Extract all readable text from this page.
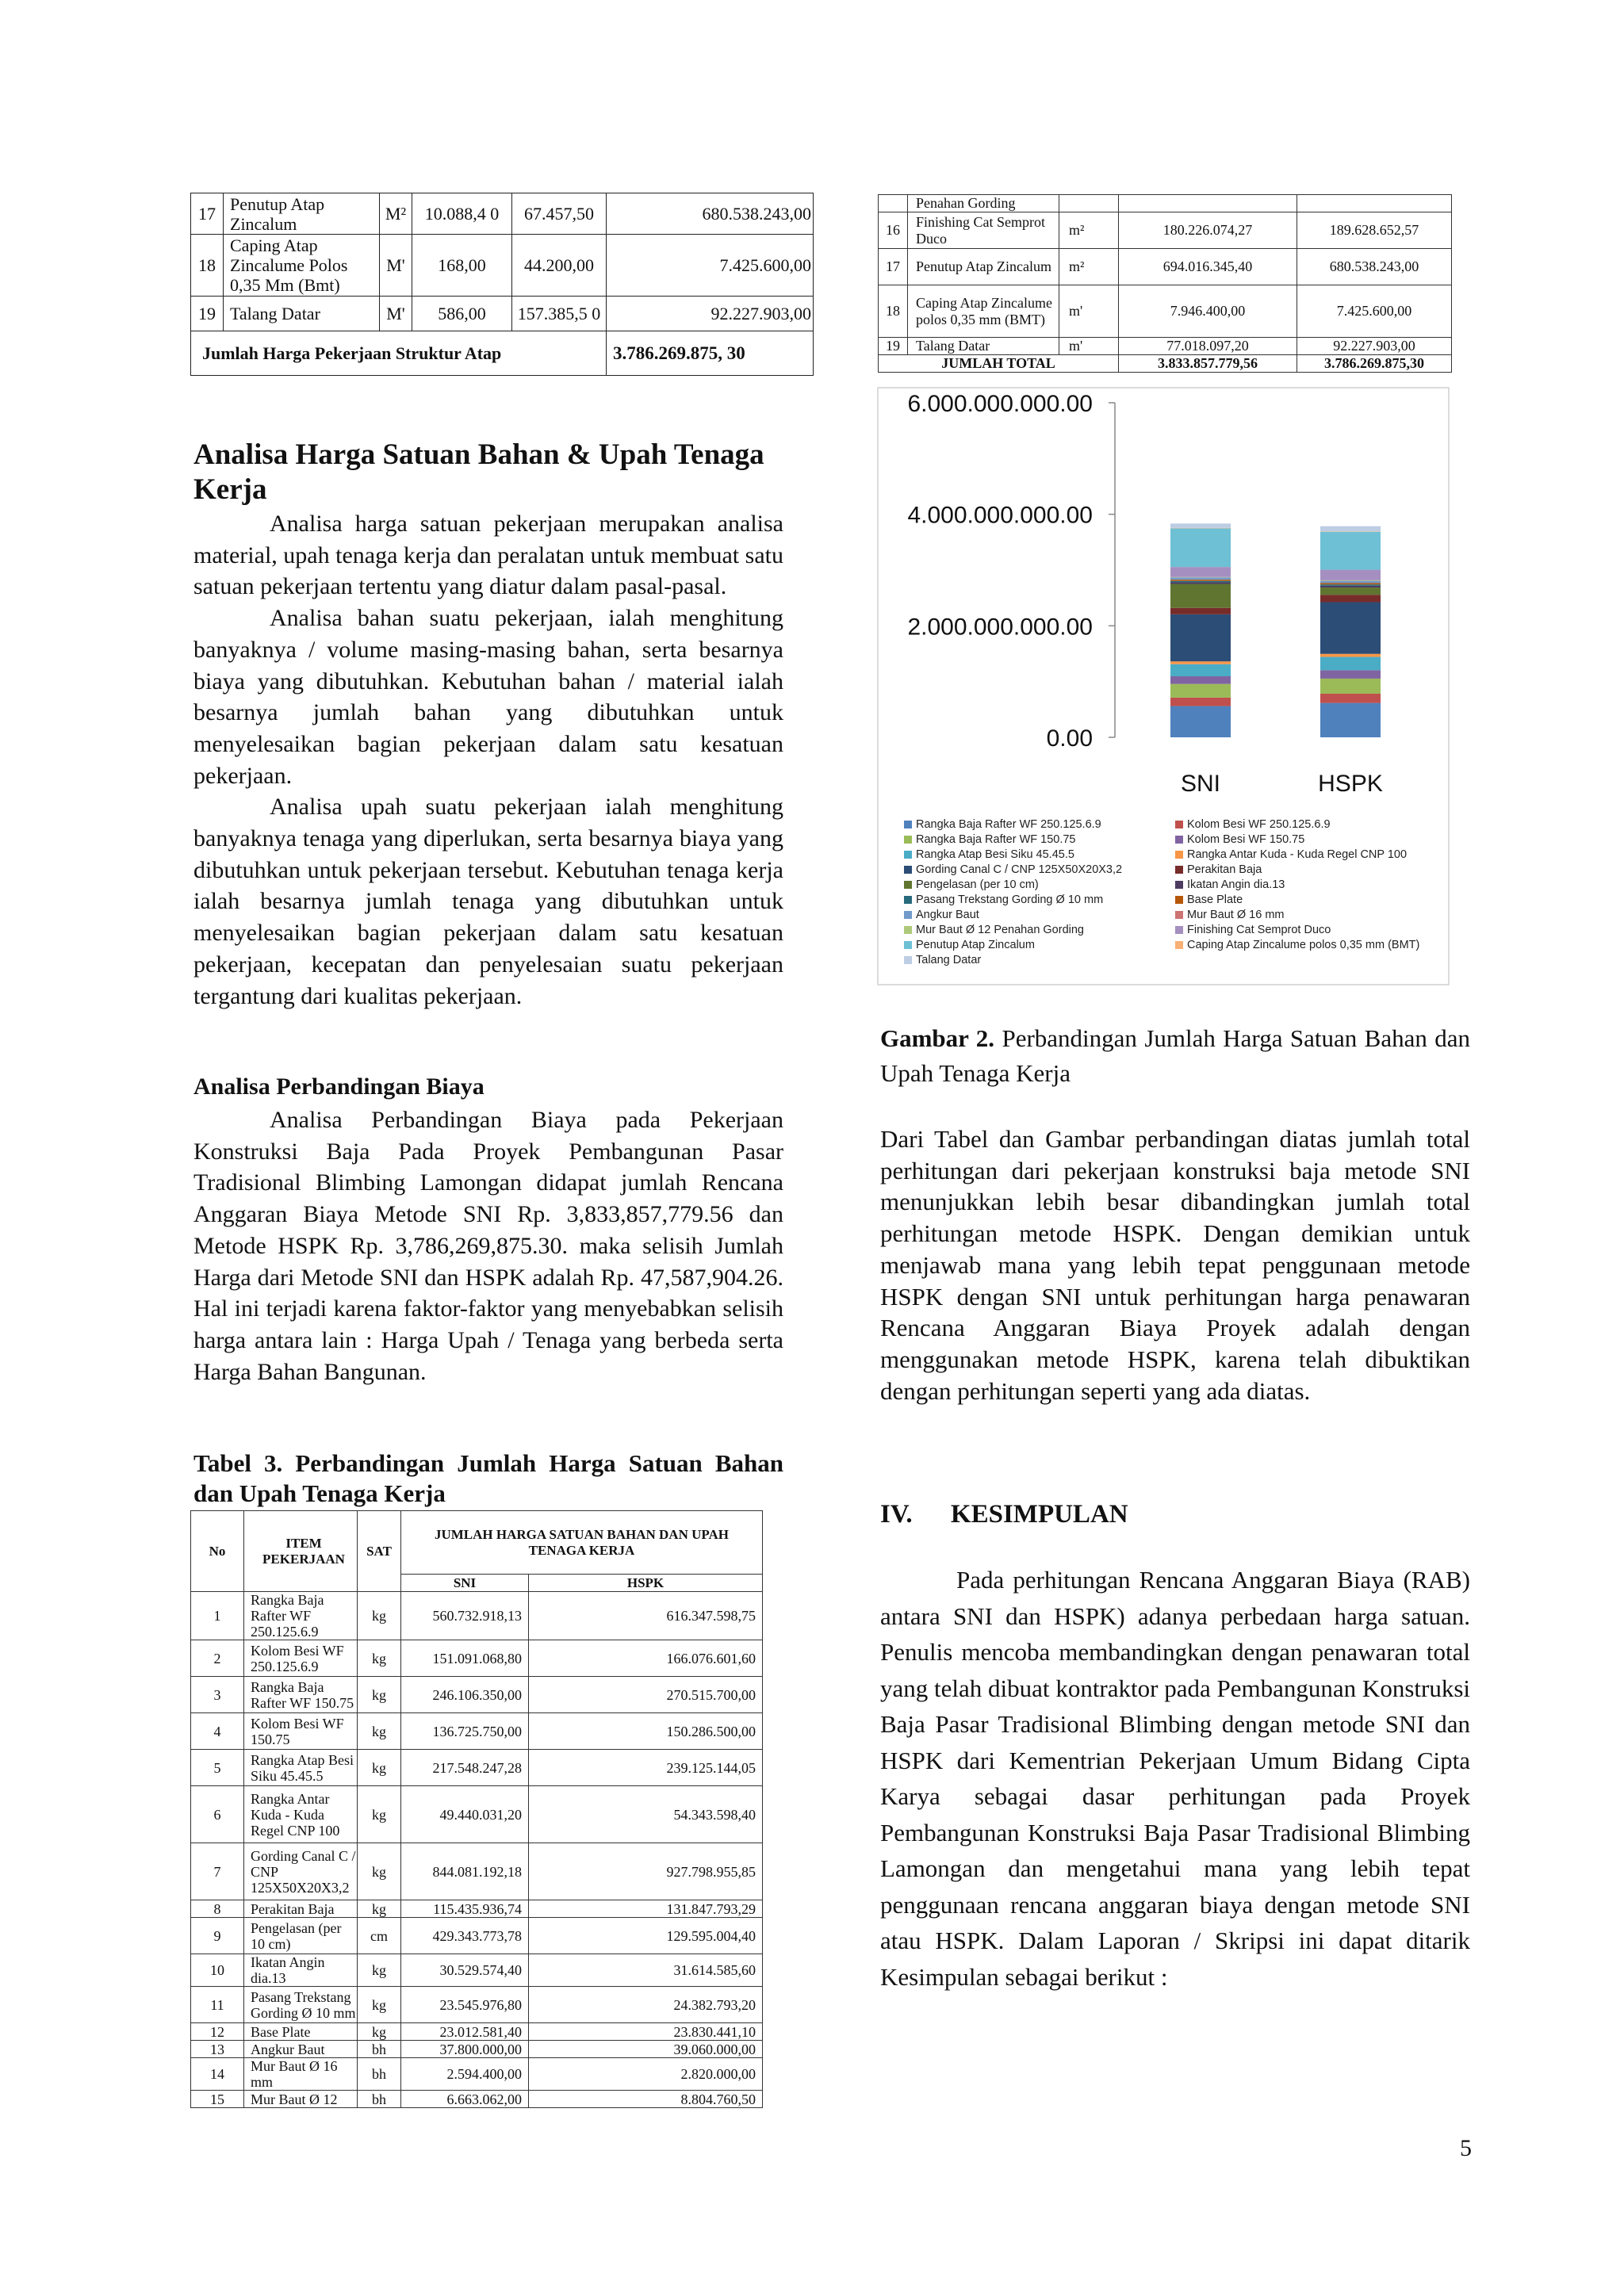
17	Penutup Atap Zincalum	M²	10.088,4 0	67.457,50	680.538.243,00
18	Caping Atap Zincalume Polos 0,35 Mm (Bmt)	M'	168,00	44.200,00	7.425.600,00
19	Talang Datar	M'	586,00	157.385,5 0	92.227.903,00
Jumlah Harga Pekerjaan Struktur Atap					3.786.269.875, 30
	Penahan Gording			
16	Finishing Cat Semprot Duco	m²	180.226.074,27	189.628.652,57
17	Penutup Atap Zincalum	m²	694.016.345,40	680.538.243,00
18	Caping Atap Zincalume polos 0,35 mm (BMT)	m'	7.946.400,00	7.425.600,00
19	Talang Datar	m'	77.018.097,20	92.227.903,00
JUMLAH TOTAL			3.833.857.779,56	3.786.269.875,30
Analisa Harga Satuan Bahan & Upah Tenaga Kerja

Analisa harga satuan pekerjaan merupakan analisa material, upah tenaga kerja dan peralatan untuk membuat satu satuan pekerjaan tertentu yang diatur dalam pasal-pasal.

Analisa bahan suatu pekerjaan, ialah menghitung banyaknya / volume masing-masing bahan, serta besarnya biaya yang dibutuhkan. Kebutuhan bahan / material ialah besarnya jumlah bahan yang dibutuhkan untuk menyelesaikan bagian pekerjaan dalam satu kesatuan pekerjaan.

Analisa upah suatu pekerjaan ialah menghitung banyaknya tenaga yang diperlukan, serta besarnya biaya yang dibutuhkan untuk pekerjaan tersebut. Kebutuhan tenaga kerja ialah besarnya jumlah tenaga yang dibutuhkan untuk menyelesaikan bagian pekerjaan dalam satu kesatuan pekerjaan, kecepatan dan penyelesaian suatu pekerjaan tergantung dari kualitas pekerjaan.

Analisa Perbandingan Biaya

Analisa Perbandingan Biaya pada Pekerjaan Konstruksi Baja Pada Proyek Pembangunan Pasar Tradisional Blimbing Lamongan didapat jumlah Rencana Anggaran Biaya Metode SNI Rp. 3,833,857,779.56 dan Metode HSPK Rp. 3,786,269,875.30. maka selisih Jumlah Harga dari Metode SNI dan HSPK adalah Rp. 47,587,904.26. Hal ini terjadi karena faktor-faktor yang menyebabkan selisih harga antara lain : Harga Upah / Tenaga yang berbeda serta Harga Bahan Bangunan.

Tabel 3. Perbandingan Jumlah Harga Satuan Bahan dan Upah Tenaga Kerja
No	ITEM PEKERJAAN	SAT	JUMLAH HARGA SATUAN BAHAN DAN UPAH TENAGA KERJA	
			SNI	HSPK
1	Rangka Baja Rafter WF 250.125.6.9	kg	560.732.918,13	616.347.598,75
2	Kolom Besi WF 250.125.6.9	kg	151.091.068,80	166.076.601,60
3	Rangka Baja Rafter WF 150.75	kg	246.106.350,00	270.515.700,00
4	Kolom Besi WF 150.75	kg	136.725.750,00	150.286.500,00
5	Rangka Atap Besi Siku 45.45.5	kg	217.548.247,28	239.125.144,05
6	Rangka Antar Kuda - Kuda Regel CNP 100	kg	49.440.031,20	54.343.598,40
7	Gording Canal C / CNP 125X50X20X3,2	kg	844.081.192,18	927.798.955,85
8	Perakitan Baja	kg	115.435.936,74	131.847.793,29
9	Pengelasan (per 10 cm)	cm	429.343.773,78	129.595.004,40
10	Ikatan Angin dia.13	kg	30.529.574,40	31.614.585,60
11	Pasang Trekstang Gording Ø 10 mm	kg	23.545.976,80	24.382.793,20
12	Base Plate	kg	23.012.581,40	23.830.441,10
13	Angkur Baut	bh	37.800.000,00	39.060.000,00
14	Mur Baut Ø 16 mm	bh	2.594.400,00	2.820.000,00
15	Mur Baut Ø 12	bh	6.663.062,00	8.804.760,50
0.00
2.000.000.000.00
4.000.000.000.00
6.000.000.000.00
SNI	HSPK
Rangka Baja Rafter WF 250.125.6.9	Kolom Besi WF 250.125.6.9
Rangka Baja Rafter WF 150.75	Kolom Besi WF 150.75
Rangka Atap Besi Siku 45.45.5	Rangka Antar Kuda - Kuda Regel CNP 100
Gording Canal C / CNP 125X50X20X3,2	Perakitan Baja
Pengelasan (per 10 cm)	Ikatan Angin dia.13
Pasang Trekstang Gording Ø 10 mm	Base Plate
Angkur Baut	Mur Baut Ø 16 mm
Mur Baut Ø 12 Penahan Gording	Finishing Cat Semprot Duco
Penutup Atap Zincalum	Caping Atap Zincalume polos 0,35 mm (BMT)
Talang Datar
Gambar 2. Perbandingan Jumlah Harga Satuan Bahan dan Upah Tenaga Kerja
Dari Tabel dan Gambar perbandingan diatas jumlah total perhitungan dari pekerjaan konstruksi baja metode SNI menunjukkan lebih besar dibandingkan jumlah total perhitungan metode HSPK. Dengan demikian untuk menjawab mana yang lebih tepat penggunaan metode HSPK dengan SNI untuk perhitungan harga penawaran Rencana Anggaran Biaya Proyek adalah dengan menggunakan metode HSPK, karena telah dibuktikan dengan perhitungan seperti yang ada diatas.
IV. KESIMPULAN

Pada perhitungan Rencana Anggaran Biaya (RAB) antara SNI dan HSPK) adanya perbedaan harga satuan. Penulis mencoba membandingkan dengan penawaran total yang telah dibuat kontraktor pada Pembangunan Konstruksi Baja Pasar Tradisional Blimbing dengan metode SNI dan HSPK dari Kementrian Pekerjaan Umum Bidang Cipta Karya sebagai dasar perhitungan pada Proyek Pembangunan Konstruksi Baja Pasar Tradisional Blimbing Lamongan dan mengetahui mana yang lebih tepat penggunaan rencana anggaran biaya dengan metode SNI atau HSPK. Dalam Laporan / Skripsi ini dapat ditarik Kesimpulan sebagai berikut :

5
